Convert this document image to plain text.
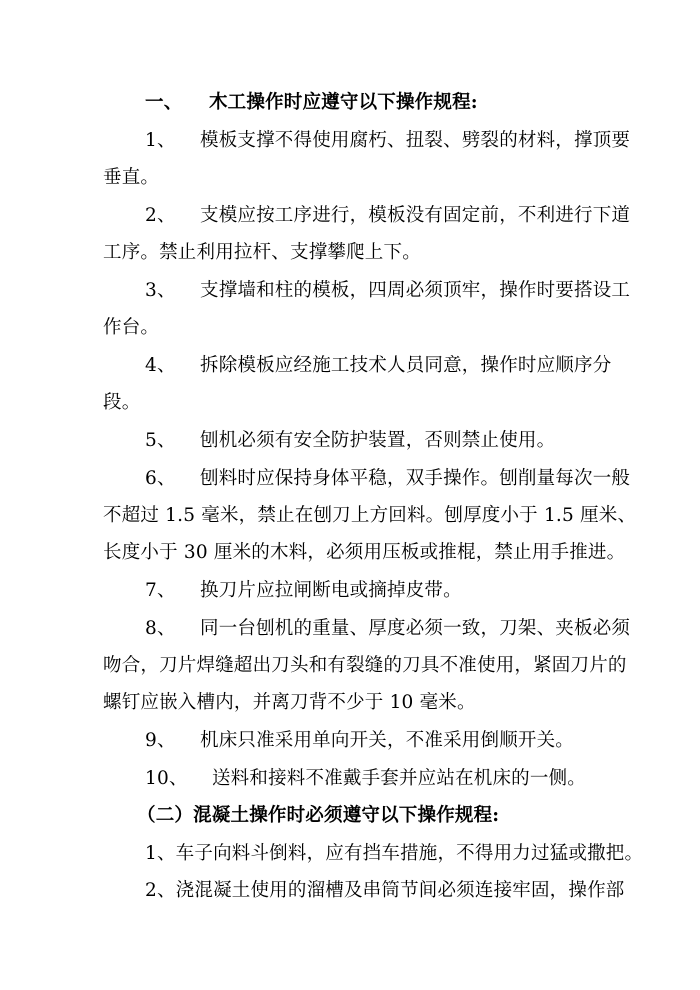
一、    木工操作时应遵守以下操作规程:
1、    模板支撑不得使用腐朽、扭裂、劈裂的材料，撑顶要
垂直。
2、    支模应按工序进行，模板没有固定前，不利进行下道
工序。禁止利用拉杆、支撑攀爬上下。
3、    支撑墙和柱的模板，四周必须顶牢，操作时要搭设工
作台。
4、    拆除模板应经施工技术人员同意，操作时应顺序分
段。
5、    刨机必须有安全防护装置，否则禁止使用。
6、    刨料时应保持身体平稳，双手操作。刨削量每次一般
不超过 1.5 毫米，禁止在刨刀上方回料。刨厚度小于 1.5 厘米、
长度小于 30 厘米的木料，必须用压板或推棍，禁止用手推进。
7、    换刀片应拉闸断电或摘掉皮带。
8、    同一台刨机的重量、厚度必须一致，刀架、夹板必须
吻合，刀片焊缝超出刀头和有裂缝的刀具不准使用，紧固刀片的
螺钉应嵌入槽内，并离刀背不少于 10 毫米。
9、    机床只准采用单向开关，不准采用倒顺开关。
10、    送料和接料不准戴手套并应站在机床的一侧。
（二）混凝土操作时必须遵守以下操作规程:
1、车子向料斗倒料，应有挡车措施，不得用力过猛或撒把。
2、浇混凝土使用的溜槽及串筒节间必须连接牢固，操作部
